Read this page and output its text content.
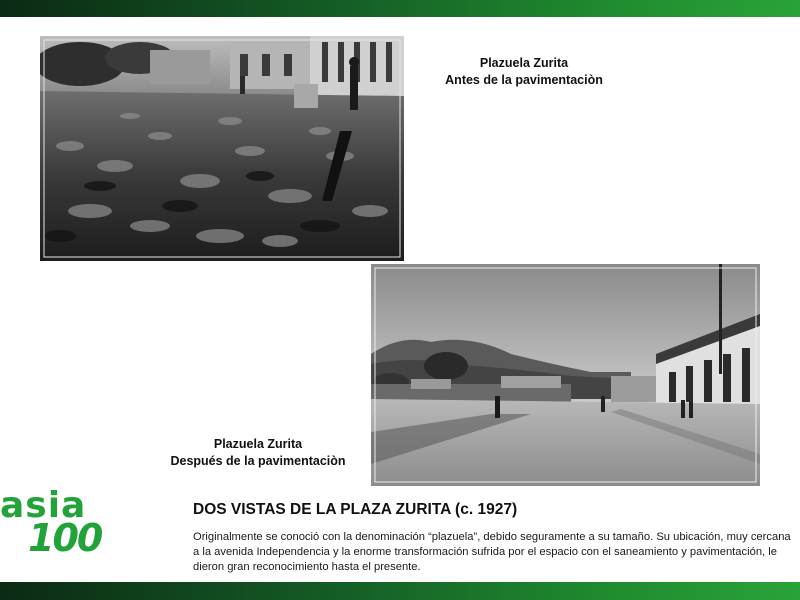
Plazuela Zurita
Antes de la pavimentaciòn
Plazuela Zurita
Después de la pavimentaciòn
asia
100
DOS VISTAS DE LA PLAZA ZURITA (c. 1927)
Originalmente se conoció con la denominación “plazuela”, debido seguramente a su tamaño. Su ubicación, muy cercana a la avenida Independencia y la enorme transformación sufrida por el espacio con el saneamiento y pavimentación, le dieron gran reconocimiento hasta el presente.
